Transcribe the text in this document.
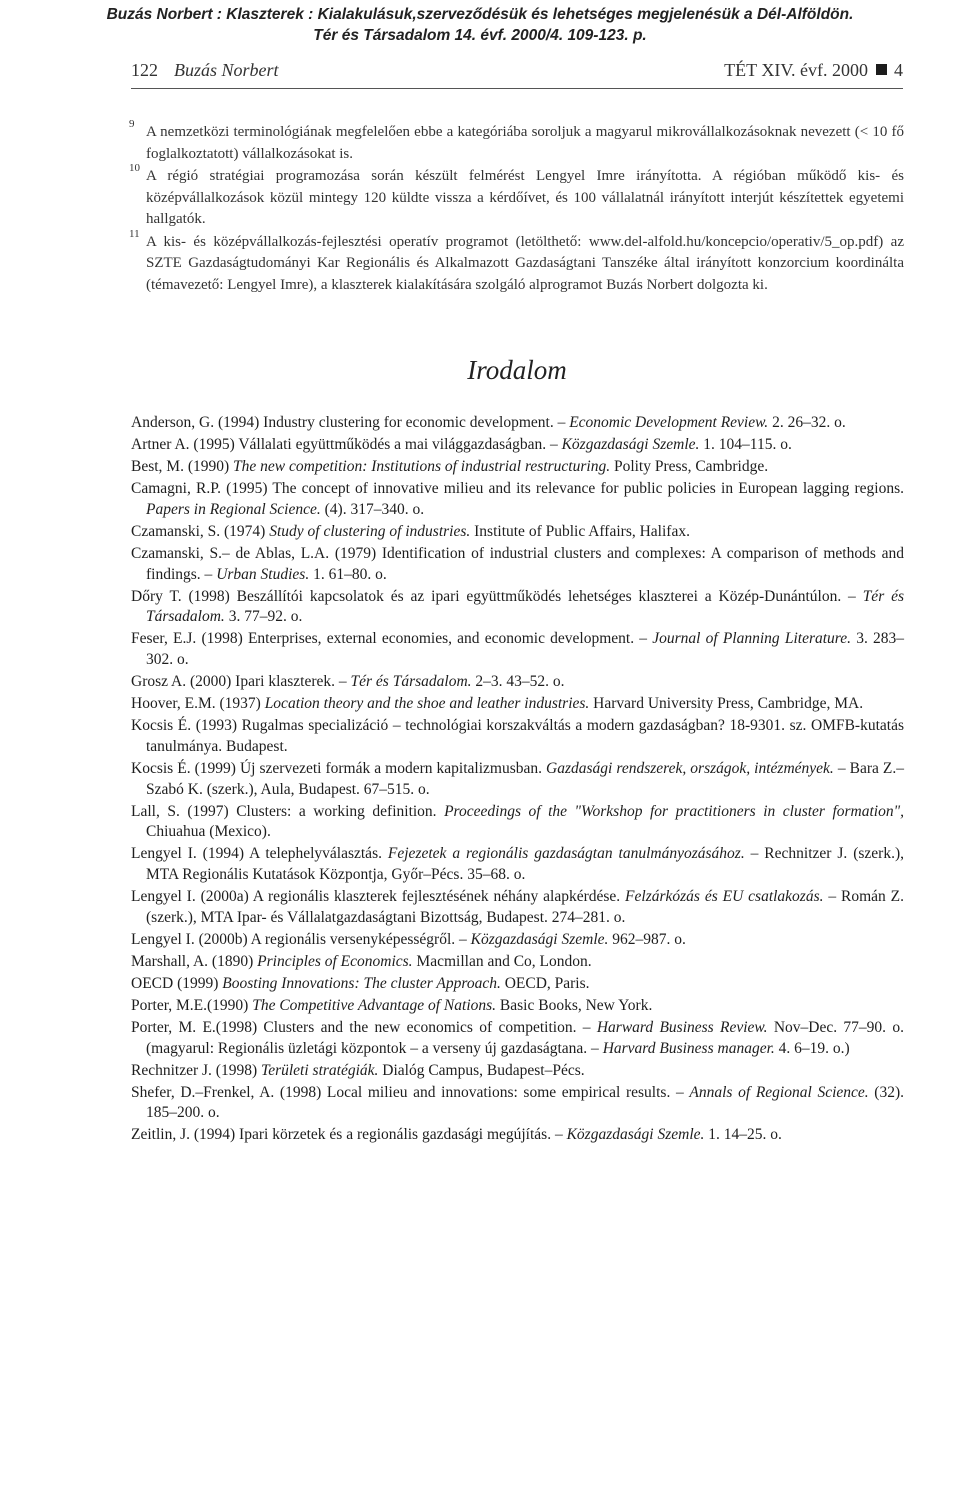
Buzás Norbert : Klaszterek : Kialakulásuk,szerveződésük és lehetséges megjelenésük a Dél-Alföldön.
Tér és Társadalom 14. évf. 2000/4. 109-123. p.
122 Buzás Norbert	TÉT XIV. évf. 2000 4
9 A nemzetközi terminológiának megfelelően ebbe a kategóriába soroljuk a magyarul mikrovállalkozásoknak nevezett (< 10 fő foglalkoztatott) vállalkozásokat is.
10 A régió stratégiai programozása során készült felmérést Lengyel Imre irányította. A régióban működő kis- és középvállalkozások közül mintegy 120 küldte vissza a kérdőívet, és 100 vállalatnál irányított interjút készítettek egyetemi hallgatók.
11 A kis- és középvállalkozás-fejlesztési operatív programot (letölthető: www.del-alfold.hu/koncepcio/operativ/5_op.pdf) az SZTE Gazdaságtudományi Kar Regionális és Alkalmazott Gazdaságtani Tanszéke által irányított konzorcium koordinálta (témavezető: Lengyel Imre), a klaszterek kialakítására szolgáló alprogramot Buzás Norbert dolgozta ki.
Irodalom
Anderson, G. (1994) Industry clustering for economic development. – Economic Development Review. 2. 26–32. o.
Artner A. (1995) Vállalati együttműködés a mai világgazdaságban. – Közgazdasági Szemle. 1. 104–115. o.
Best, M. (1990) The new competition: Institutions of industrial restructuring. Polity Press, Cambridge.
Camagni, R.P. (1995) The concept of innovative milieu and its relevance for public policies in European lagging regions. Papers in Regional Science. (4). 317–340. o.
Czamanski, S. (1974) Study of clustering of industries. Institute of Public Affairs, Halifax.
Czamanski, S.– de Ablas, L.A. (1979) Identification of industrial clusters and complexes: A comparison of methods and findings. – Urban Studies. 1. 61–80. o.
Dőry T. (1998) Beszállítói kapcsolatok és az ipari együttműködés lehetséges klaszterei a Közép-Dunántúlon. – Tér és Társadalom. 3. 77–92. o.
Feser, E.J. (1998) Enterprises, external economies, and economic development. – Journal of Planning Literature. 3. 283–302. o.
Grosz A. (2000) Ipari klaszterek. – Tér és Társadalom. 2–3. 43–52. o.
Hoover, E.M. (1937) Location theory and the shoe and leather industries. Harvard University Press, Cambridge, MA.
Kocsis É. (1993) Rugalmas specializáció – technológiai korszakváltás a modern gazdaságban? 18-9301. sz. OMFB-kutatás tanulmánya. Budapest.
Kocsis É. (1999) Új szervezeti formák a modern kapitalizmusban. Gazdasági rendszerek, országok, intézmények. – Bara Z.–Szabó K. (szerk.), Aula, Budapest. 67–515. o.
Lall, S. (1997) Clusters: a working definition. Proceedings of the "Workshop for practitioners in cluster formation", Chiuahua (Mexico).
Lengyel I. (1994) A telephelyválasztás. Fejezetek a regionális gazdaságtan tanulmányozásához. – Rechnitzer J. (szerk.), MTA Regionális Kutatások Központja, Győr–Pécs. 35–68. o.
Lengyel I. (2000a) A regionális klaszterek fejlesztésének néhány alapkérdése. Felzárkózás és EU csatlakozás. – Román Z. (szerk.), MTA Ipar- és Vállalatgazdaságtani Bizottság, Budapest. 274–281. o.
Lengyel I. (2000b) A regionális versenyképességről. – Közgazdasági Szemle. 962–987. o.
Marshall, A. (1890) Principles of Economics. Macmillan and Co, London.
OECD (1999) Boosting Innovations: The cluster Approach. OECD, Paris.
Porter, M.E.(1990) The Competitive Advantage of Nations. Basic Books, New York.
Porter, M. E.(1998) Clusters and the new economics of competition. – Harward Business Review. Nov–Dec. 77–90. o. (magyarul: Regionális üzletági központok – a verseny új gazdaságtana. – Harvard Business manager. 4. 6–19. o.)
Rechnitzer J. (1998) Területi stratégiák. Dialóg Campus, Budapest–Pécs.
Shefer, D.–Frenkel, A. (1998) Local milieu and innovations: some empirical results. – Annals of Regional Science. (32). 185–200. o.
Zeitlin, J. (1994) Ipari körzetek és a regionális gazdasági megújítás. – Közgazdasági Szemle. 1. 14–25. o.
